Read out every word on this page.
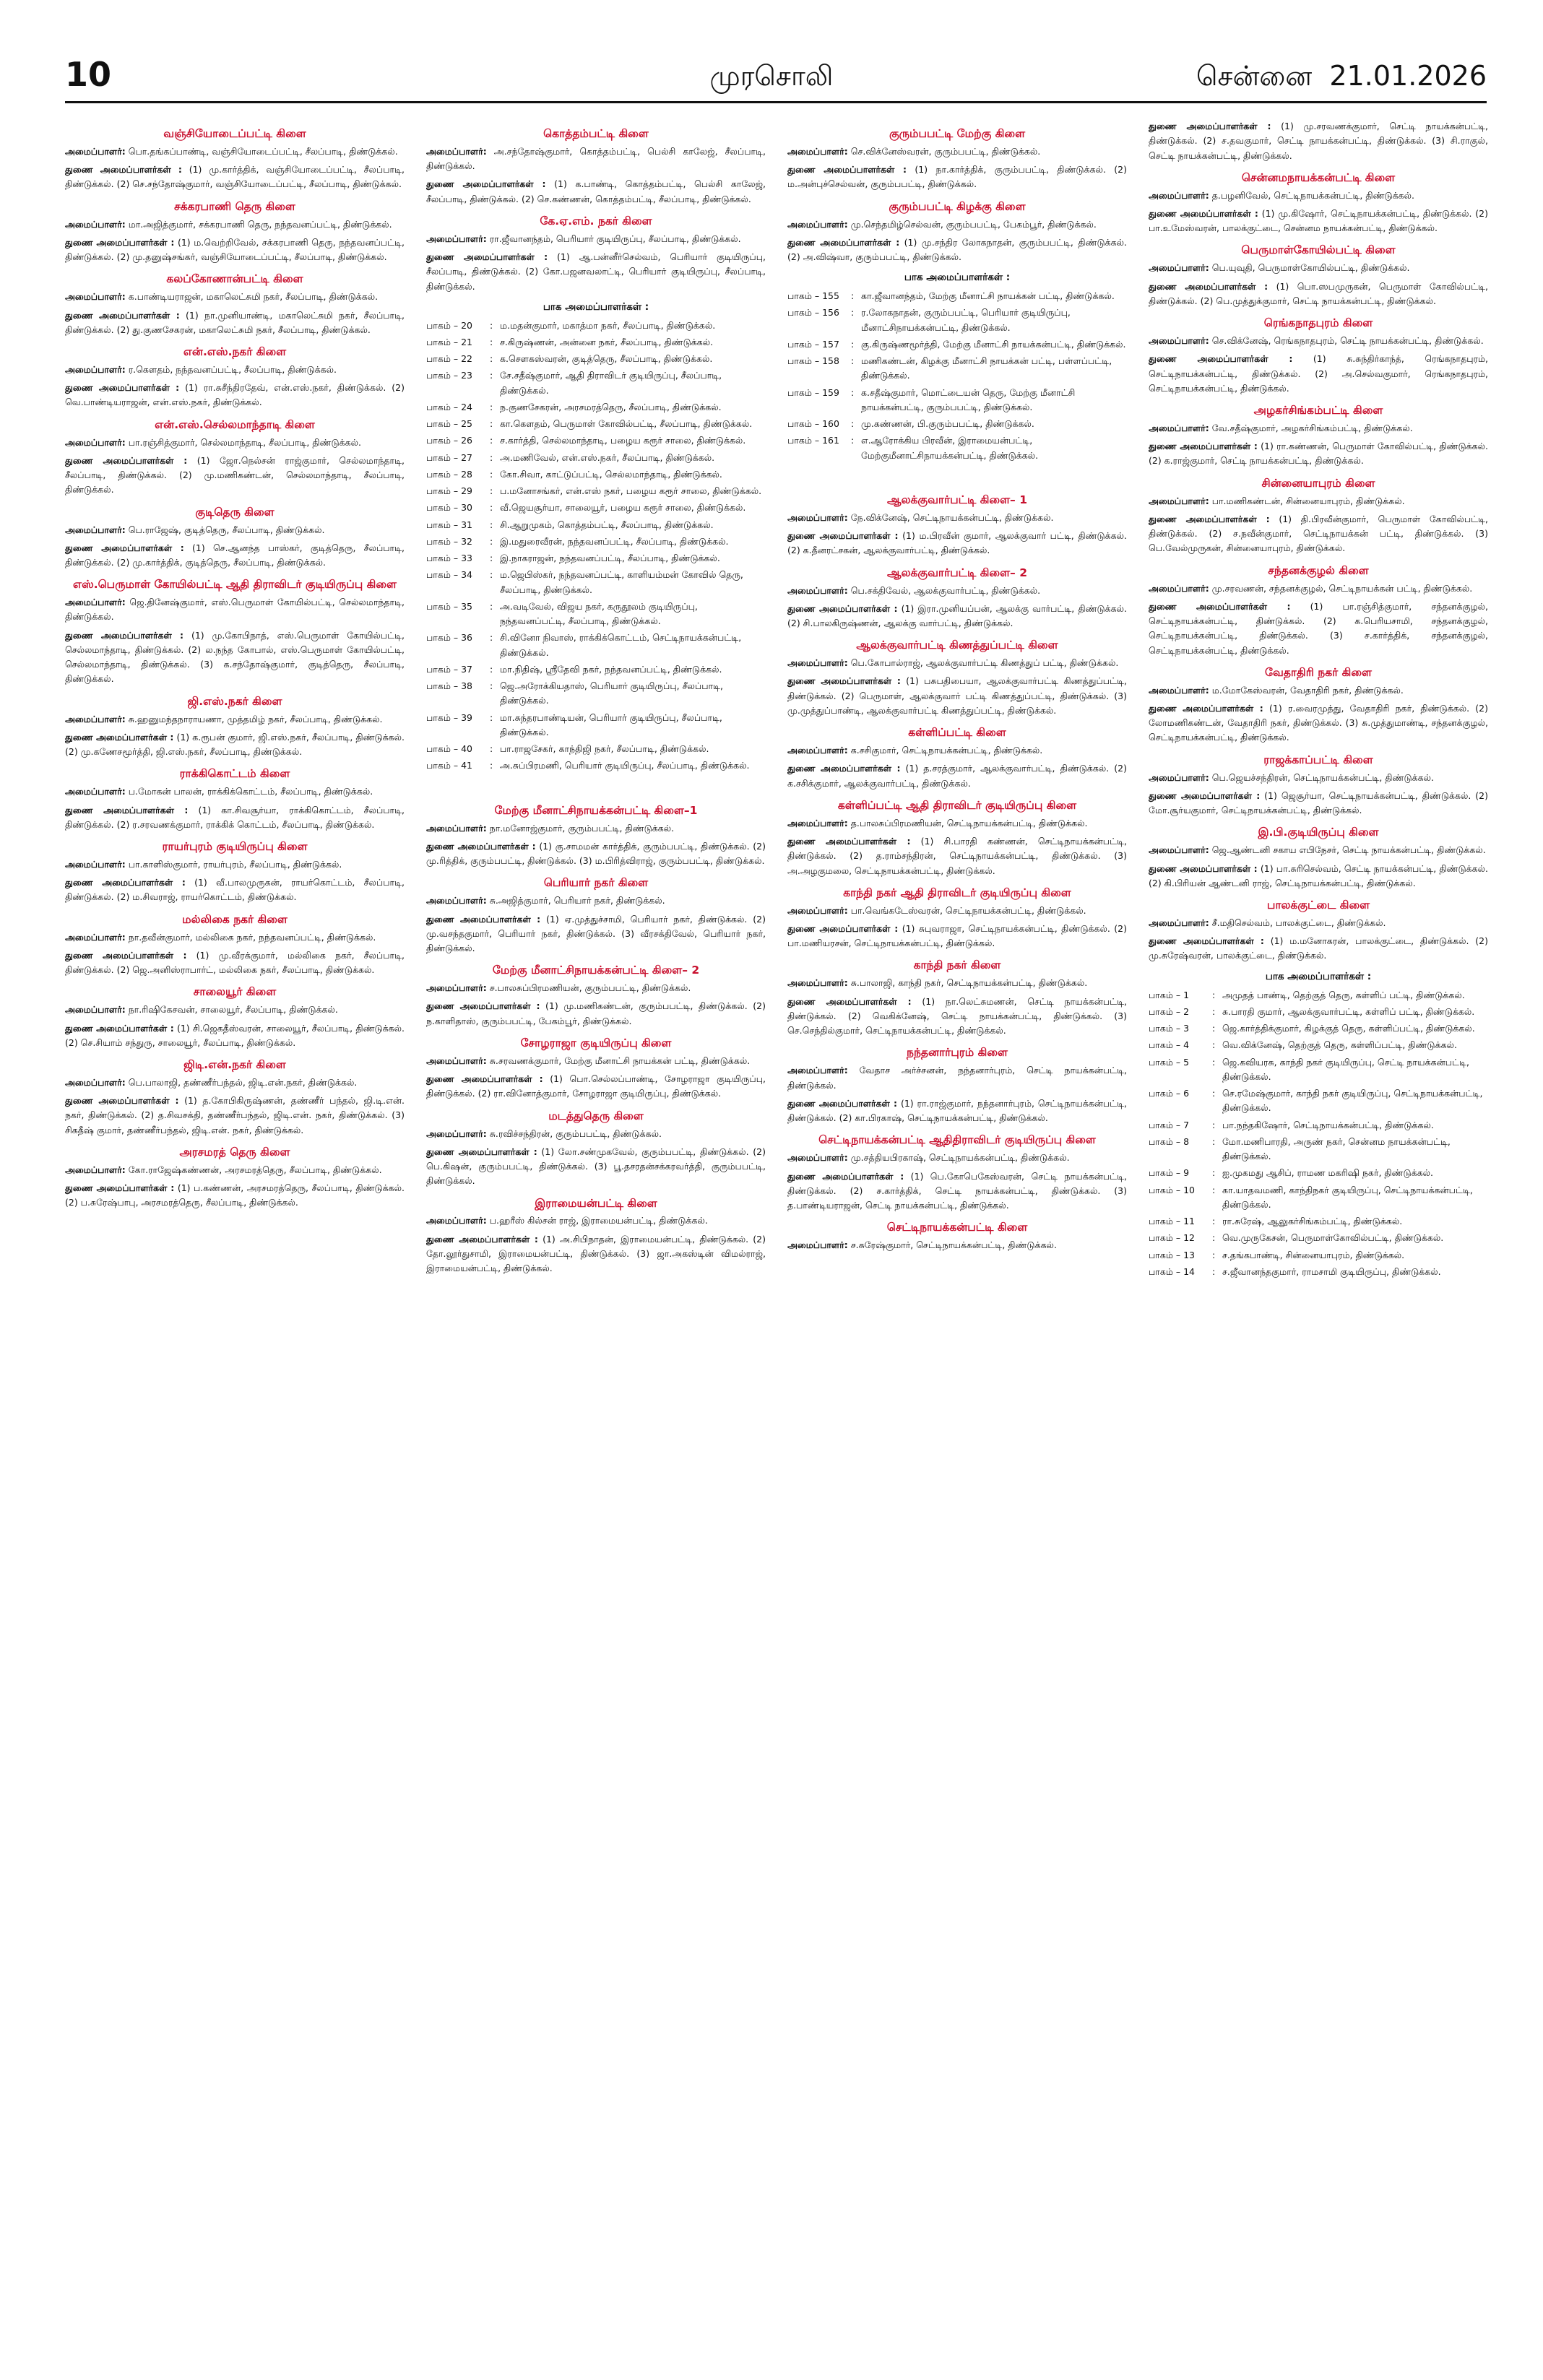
10	முரசொலி	சென்னை 21.01.2026
வஞ்சியோடைப்பட்டி கிளை

அமைப்பாளர்: பொ.தங்கப்பாண்டி, வஞ்சியோடைப்பட்டி, சீலப்பாடி, திண்டுக்கல்.

துணை அமைப்பாளர்கள் : (1) மு.கார்த்திக், வஞ்சியோடைப்பட்டி, சீலப்பாடி, திண்டுக்கல். (2) செ.சந்தோஷ்குமார், வஞ்சியோடைப்பட்டி, சீலப்பாடி, திண்டுக்கல்.

சக்கரபாணி தெரு கிளை

அமைப்பாளர்: மா.அஜித்குமார், சக்கரபாணி தெரு, நந்தவனப்பட்டி, திண்டுக்கல்.

துணை அமைப்பாளர்கள் : (1) ம.வெற்றிவேல், சக்கரபாணி தெரு, நந்தவனப்பட்டி, திண்டுக்கல். (2) மு.தனுஷ்சங்கர், வஞ்சியோடைப்பட்டி, சீலப்பாடி, திண்டுக்கல்.

கலப்கோணான்பட்டி கிளை

அமைப்பாளர்: க.பாண்டியராஜன், மகாலெட்சுமி நகர், சீலப்பாடி, திண்டுக்கல்.

துணை அமைப்பாளர்கள் : (1) நா.முனியாண்டி, மகாலெட்சுமி நகர், சீலப்பாடி, திண்டுக்கல். (2) து.குணசேகரன், மகாலெட்சுமி நகர், சீலப்பாடி, திண்டுக்கல்.

என்.எஸ்.நகர் கிளை

அமைப்பாளர்: ர.கௌதம், நந்தவனப்பட்டி, சீலப்பாடி, திண்டுக்கல்.

துணை அமைப்பாளர்கள் : (1) ரா.சுசீந்திரதேவ், என்.எஸ்.நகர், திண்டுக்கல். (2) வெ.பாண்டியராஜன், என்.எஸ்.நகர், திண்டுக்கல்.

என்.எஸ்.செல்லமாந்தாடி கிளை

அமைப்பாளர்: பா.ரஞ்சித்குமார், செல்லமாந்தாடி, சீலப்பாடி, திண்டுக்கல்.

துணை அமைப்பாளர்கள் : (1) ஜோ.நெல்சன் ராஜ்குமார், செல்லமாந்தாடி, சீலப்பாடி, திண்டுக்கல். (2) மு.மணிகண்டன், செல்லமாந்தாடி, சீலப்பாடி, திண்டுக்கல்.

குடிதெரு கிளை

அமைப்பாளர்: பெ.ராஜேஷ், குடித்தெரு, சீலப்பாடி, திண்டுக்கல்.

துணை அமைப்பாளர்கள் : (1) செ.ஆனந்த பாஸ்கர், குடித்தெரு, சீலப்பாடி, திண்டுக்கல். (2) மு.கார்த்திக், குடித்தெரு, சீலப்பாடி, திண்டுக்கல்.

எஸ்.பெருமாள் கோயில்பட்டி ஆதி திராவிடர் குடியிருப்பு கிளை

அமைப்பாளர்: ஜெ.தினேஷ்குமார், எஸ்.பெருமாள் கோயில்பட்டி, செல்லமாந்தாடி, திண்டுக்கல்.

துணை அமைப்பாளர்கள் : (1) மு.கோபிநாத், எஸ்.பெருமாள் கோயில்பட்டி, செல்லமாந்தாடி, திண்டுக்கல். (2) ல.நந்த கோபால், எஸ்.பெருமாள் கோயில்பட்டி, செல்லமாந்தாடி, திண்டுக்கல். (3) க.சந்தோஷ்குமார், குடித்தெரு, சீலப்பாடி, திண்டுக்கல்.

ஜி.எஸ்.நகர் கிளை

அமைப்பாளர்: சு.ஹனுமந்தநாராயணா, முத்தமிழ் நகர், சீலப்பாடி, திண்டுக்கல்.

துணை அமைப்பாளர்கள் : (1) க.ரூபன் குமார், ஜி.எஸ்.நகர், சீலப்பாடி, திண்டுக்கல். (2) மு.கணேசமூர்த்தி, ஜி.எஸ்.நகர், சீலப்பாடி, திண்டுக்கல்.

ராக்கிகொட்டம் கிளை

அமைப்பாளர்: ப.மோகன் பாலன், ராக்கிக்கொட்டம், சீலப்பாடி, திண்டுக்கல்.

துணை அமைப்பாளர்கள் : (1) கா.சிவசூர்யா, ராக்கிகொட்டம், சீலப்பாடி, திண்டுக்கல். (2) ர.சரவணக்குமார், ராக்கிக் கொட்டம், சீலப்பாடி, திண்டுக்கல்.

ராயர்புரம் குடியிருப்பு கிளை

அமைப்பாளர்: பா.காளிஸ்குமார், ராயர்புரம், சீலப்பாடி, திண்டுக்கல்.

துணை அமைப்பாளர்கள் : (1) வீ.பாலமுருகன், ராயர்கொட்டம், சீலப்பாடி, திண்டுக்கல். (2) ம.சிவராஜ், ராயர்கொட்டம், திண்டுக்கல்.

மல்லிகை நகர் கிளை

அமைப்பாளர்: நா.தவீன்குமார், மல்லிகை நகர், நந்தவனப்பட்டி, திண்டுக்கல்.

துணை அமைப்பாளர்கள் : (1) மு.வீரக்குமார், மல்லிகை நகர், சீலப்பாடி, திண்டுக்கல். (2) ஜெ.அனிஸ்ராபார்ட், மல்லிகை நகர், சீலப்பாடி, திண்டுக்கல்.

சாலையூர் கிளை

அமைப்பாளர்: நா.ரிஷிகேசவன், சாலையூர், சீலப்பாடி, திண்டுக்கல்.

துணை அமைப்பாளர்கள் : (1) சி.ஜெகதீஸ்வரன், சாலையூர், சீலப்பாடி, திண்டுக்கல். (2) செ.சியாம் சந்துரு, சாலையூர், சீலப்பாடி, திண்டுக்கல்.

ஜிடி.என்.நகர் கிளை

அமைப்பாளர்: பெ.பாலாஜி, தண்ணீர்பந்தல், ஜிடி.என்.நகர், திண்டுக்கல்.

துணை அமைப்பாளர்கள் : (1) த.கோபிகிருஷ்ணன், தண்ணீர் பந்தல், ஜி.டி.என். நகர், திண்டுக்கல். (2) த.சிவசக்தி, தண்ணீர்பந்தல், ஜிடி.என். நகர், திண்டுக்கல். (3) சிகதீஷ் குமார், தண்ணீர்பந்தல், ஜிடி.என். நகர், திண்டுக்கல்.

அரசமரத் தெரு கிளை

அமைப்பாளர்: கோ.ராஜேஷ்கண்ணன், அரசமரத்தெரு, சீலப்பாடி, திண்டுக்கல்.

துணை அமைப்பாளர்கள் : (1) ப.கண்ணன், அரசமரத்தெரு, சீலப்பாடி, திண்டுக்கல். (2) ப.சுரேஷ்பாபு, அரசமரத்தெரு, சீலப்பாடி, திண்டுக்கல்.

கொத்தம்பட்டி கிளை

அமைப்பாளர்: அ.சந்தோஷ்குமார், கொத்தம்பட்டி, பெல்சி காலேஜ், சீலப்பாடி, திண்டுக்கல்.

துணை அமைப்பாளர்கள் : (1) க.பாண்டி, கொத்தம்பட்டி, பெல்சி காலேஜ், சீலப்பாடி, திண்டுக்கல். (2) செ.கண்ணன், கொத்தம்பட்டி, சீலப்பாடி, திண்டுக்கல்.

கே.ஏ.எம். நகர் கிளை

அமைப்பாளர்: ரா.ஜீவானந்தம், பெரியார் குடியிருப்பு, சீலப்பாடி, திண்டுக்கல்.

துணை அமைப்பாளர்கள் : (1) ஆ.பன்னீர்செல்வம், பெரியார் குடியிருப்பு, சீலப்பாடி, திண்டுக்கல். (2) கோ.பஜனவலாட்டி, பெரியார் குடியிருப்பு, சீலப்பாடி, திண்டுக்கல்.

பாக அமைப்பாளர்கள் :
பாகம் – 20	: ம.மதன்குமார், மகாத்மா நகர், சீலப்பாடி, திண்டுக்கல்.
பாகம் – 21	: ச.கிருஷ்ணன், அன்னை நகர், சீலப்பாடி, திண்டுக்கல்.
பாகம் – 22	: க.செளகஸ்வரன், குடித்தெரு, சீலப்பாடி, திண்டுக்கல்.
பாகம் – 23	: சே.சதீஷ்குமார், ஆதி திராவிடர் குடியிருப்பு, சீலப்பாடி, திண்டுக்கல்.
பாகம் – 24	: ந.குணசேகரன், அரசமரத்தெரு, சீலப்பாடி, திண்டுக்கல்.
பாகம் – 25	: கா.கௌதம், பெருமாள் கோவில்பட்டி, சீலப்பாடி, திண்டுக்கல்.
பாகம் – 26	: ச.கார்த்தி, செல்லமாந்தாடி, பழைய கரூர் சாலை, திண்டுக்கல்.
பாகம் – 27	: அ.மணிவேல், என்.எஸ்.நகர், சீலப்பாடி, திண்டுக்கல்.
பாகம் – 28	: கோ.சிவா, காட்டுப்பட்டி, செல்லமாந்தாடி, திண்டுக்கல்.
பாகம் – 29	: ப.மனோசங்கர், என்.எஸ் நகர், பழைய கரூர் சாலை, திண்டுக்கல்.
பாகம் – 30	: வீ.ஜெயசூர்யா, சாலையூர், பழைய கரூர் சாலை, திண்டுக்கல்.
பாகம் – 31	: சி.ஆறுமுகம், கொத்தம்பட்டி, சீலப்பாடி, திண்டுக்கல்.
பாகம் – 32	: இ.மதுரைவீரன், நந்தவனப்பட்டி, சீலப்பாடி, திண்டுக்கல்.
பாகம் – 33	: இ.நாகராஜன், நந்தவனப்பட்டி, சீலப்பாடி, திண்டுக்கல்.
பாகம் – 34	: ம.ஜெபிஸ்கர், நந்தவனப்பட்டி, காளியம்மன் கோவில் தெரு, சீலப்பாடி, திண்டுக்கல்.
பாகம் – 35	: அ.வடிவேல், விஜய நகர், கருதூலம் குடியிருப்பு, நந்தவனப்பட்டி, சீலப்பாடி, திண்டுக்கல்.
பாகம் – 36	: சி.வினோ நிவாஸ், ராக்கிக்கொட்டம், செட்டிநாயக்கன்பட்டி, திண்டுக்கல்.
பாகம் – 37	: மா.நிதிஷ், ஸ்ரீதேவி நகர், நந்தவனப்பட்டி, திண்டுக்கல்.
பாகம் – 38	: ஜெ.அரோக்கியதாஸ், பெரியார் குடியிருப்பு, சீலப்பாடி, திண்டுக்கல்.
பாகம் – 39	: மா.சுந்தரபாண்டியன், பெரியார் குடியிருப்பு, சீலப்பாடி, திண்டுக்கல்.
பாகம் – 40	: பா.ராஜசேகர், காந்திஜி நகர், சீலப்பாடி, திண்டுக்கல்.
பாகம் – 41	: அ.சுப்பிரமணி, பெரியார் குடியிருப்பு, சீலப்பாடி, திண்டுக்கல்.
மேற்கு மீனாட்சிநாயக்கன்பட்டி கிளை–1

அமைப்பாளர்: நா.மனோஜ்குமார், குரும்பபட்டி, திண்டுக்கல்.

துணை அமைப்பாளர்கள் : (1) கு.சாமமன் கார்த்திக், குரும்பபட்டி, திண்டுக்கல். (2) மு.ரித்திக், குரும்பபட்டி, திண்டுக்கல். (3) ம.பிரித்விராஜ், குரும்பபட்டி, திண்டுக்கல்.

பெரியார் நகர் கிளை

அமைப்பாளர்: சு.அஜித்குமார், பெரியார் நகர், திண்டுக்கல்.

துணை அமைப்பாளர்கள் : (1) ஏ.முத்துச்சாமி, பெரியார் நகர், திண்டுக்கல். (2) மு.வசந்தகுமார், பெரியார் நகர், திண்டுக்கல். (3) வீரசக்திவேல், பெரியார் நகர், திண்டுக்கல்.

மேற்கு மீனாட்சிநாயக்கன்பட்டி கிளை– 2

அமைப்பாளர்: ச.பாலசுப்பிரமணியன், குரும்பபட்டி, திண்டுக்கல்.

துணை அமைப்பாளர்கள் : (1) மு.மணிகண்டன், குரும்பபட்டி, திண்டுக்கல். (2) ந.காளிதாஸ், குரும்பபட்டி, பேகம்பூர், திண்டுக்கல்.

சோழராஜா குடியிருப்பு கிளை

அமைப்பாளர்: சு.சரவணக்குமார், மேற்கு மீனாட்சி நாயக்கன் பட்டி, திண்டுக்கல்.

துணை அமைப்பாளர்கள் : (1) பொ.செல்லப்பாண்டி, சோழராஜா குடியிருப்பு, திண்டுக்கல். (2) ரா.வினோத்குமார், சோழராஜா குடியிருப்பு, திண்டுக்கல்.

மடத்துதெரு கிளை

அமைப்பாளர்: சு.ரவிச்சந்திரன், குரும்பபட்டி, திண்டுக்கல்.

துணை அமைப்பாளர்கள் : (1) லோ.சண்முகவேல், குரும்பபட்டி, திண்டுக்கல். (2) பெ.கிஷன், குரும்பபட்டி, திண்டுக்கல். (3) பூ.தசரதன்சக்கரவர்த்தி, குரும்பபட்டி, திண்டுக்கல்.

இராமையன்பட்டி கிளை

அமைப்பாளர்: ப.ஹரீஸ் கில்சன் ராஜ், இராமையன்பட்டி, திண்டுக்கல்.

துணை அமைப்பாளர்கள் : (1) அ.சிபிநாதன், இராமையன்பட்டி, திண்டுக்கல். (2) தோ.லூர்துசாமி, இராமையன்பட்டி, திண்டுக்கல். (3) ஜா.அகஸ்டின் விமல்ராஜ், இராமையன்பட்டி, திண்டுக்கல்.

குரும்பபட்டி மேற்கு கிளை

அமைப்பாளர்: செ.விக்னேஸ்வரன், குரும்பபட்டி, திண்டுக்கல்.

துணை அமைப்பாளர்கள் : (1) நா.கார்த்திக், குரும்பபட்டி, திண்டுக்கல். (2) ம.அன்புச்செல்வன், குரும்பபட்டி, திண்டுக்கல்.

குரும்பபட்டி கிழக்கு கிளை

அமைப்பாளர்: மு.செந்தமிழ்செல்வன், குரும்பபட்டி, பேகம்பூர், திண்டுக்கல்.

துணை அமைப்பாளர்கள் : (1) மு.சந்திர லோகநாதன், குரும்பபட்டி, திண்டுக்கல். (2) அ.விஷ்வா, குரும்பபட்டி, திண்டுக்கல்.

பாக அமைப்பாளர்கள் :
பாகம் – 155	: கா.ஜீவானந்தம், மேற்கு மீனாட்சி நாயக்கன் பட்டி, திண்டுக்கல்.
பாகம் – 156	: ர.லோகநாதன், குரும்பபட்டி, பெரியார் குடியிருப்பு, மீனாட்சிநாயக்கன்பட்டி, திண்டுக்கல்.
பாகம் – 157	: கு.கிருஷ்ணமூர்த்தி, மேற்கு மீனாட்சி நாயக்கன்பட்டி, திண்டுக்கல்.
பாகம் – 158	: மணிகண்டன், கிழக்கு மீனாட்சி நாயக்கன் பட்டி, பள்ளப்பட்டி, திண்டுக்கல்.
பாகம் – 159	: க.சதீஷ்குமார், மொட்டையன் தெரு, மேற்கு மீனாட்சி நாயக்கன்பட்டி, குரும்பபட்டி, திண்டுக்கல்.
பாகம் – 160	: மு.கண்ணன், பி.குரும்பபட்டி, திண்டுக்கல்.
பாகம் – 161	: எ.ஆரோக்கிய பிரவீன், இராமையன்பட்டி, மேற்குமீனாட்சிநாயக்கன்பட்டி, திண்டுக்கல்.
ஆலக்குவார்பட்டி கிளை– 1

அமைப்பாளர்: நே.விக்னேஷ், செட்டிநாயக்கன்பட்டி, திண்டுக்கல்.

துணை அமைப்பாளர்கள் : (1) ம.பிரவீன் குமார், ஆலக்குவார் பட்டி, திண்டுக்கல். (2) க.தீனரட்சகன், ஆலக்குவார்பட்டி, திண்டுக்கல்.

ஆலக்குவார்பட்டி கிளை– 2

அமைப்பாளர்: பெ.சக்திவேல், ஆலக்குவார்பட்டி, திண்டுக்கல்.

துணை அமைப்பாளர்கள் : (1) இரா.முனியப்பன், ஆலக்கு வார்பட்டி, திண்டுக்கல். (2) சி.பாலகிருஷ்ணன், ஆலக்கு வார்பட்டி, திண்டுக்கல்.

ஆலக்குவார்பட்டி கிணத்துப்பட்டி கிளை

அமைப்பாளர்: பெ.கோபால்ராஜ், ஆலக்குவார்பட்டி கிணத்துப் பட்டி, திண்டுக்கல்.

துணை அமைப்பாளர்கள் : (1) பசுபதிபையா, ஆலக்குவார்பட்டி கிணத்துப்பட்டி, திண்டுக்கல். (2) பெருமாள், ஆலக்குவார் பட்டி கிணத்துப்பட்டி, திண்டுக்கல். (3) மு.முத்துப்பாண்டி, ஆலக்குவார்பட்டி கிணத்துப்பட்டி, திண்டுக்கல்.

கள்ளிப்பட்டி கிளை

அமைப்பாளர்: க.சசிகுமார், செட்டிநாயக்கன்பட்டி, திண்டுக்கல்.

துணை அமைப்பாளர்கள் : (1) த.சரத்குமார், ஆலக்குவார்பட்டி, திண்டுக்கல். (2) க.சசிக்குமார், ஆலக்குவார்பட்டி, திண்டுக்கல்.

கள்ளிப்பட்டி ஆதி திராவிடர் குடியிருப்பு கிளை

அமைப்பாளர்: த.பாலசுப்பிரமணியன், செட்டிநாயக்கன்பட்டி, திண்டுக்கல்.

துணை அமைப்பாளர்கள் : (1) சி.பாரதி கண்ணன், செட்டிநாயக்கன்பட்டி, திண்டுக்கல். (2) த.ராம்சந்திரன், செட்டிநாயக்கன்பட்டி, திண்டுக்கல். (3) அ.அழகுமலை, செட்டிநாயக்கன்பட்டி, திண்டுக்கல்.

காந்தி நகர் ஆதி திராவிடர் குடியிருப்பு கிளை

அமைப்பாளர்: பா.வெங்கடேஸ்வரன், செட்டிநாயக்கன்பட்டி, திண்டுக்கல்.

துணை அமைப்பாளர்கள் : (1) சுபுவராஜா, செட்டிநாயக்கன்பட்டி, திண்டுக்கல். (2) பா.மணியரசன், செட்டிநாயக்கன்பட்டி, திண்டுக்கல்.

காந்தி நகர் கிளை

அமைப்பாளர்: சு.பாலாஜி, காந்தி நகர், செட்டிநாயக்கன்பட்டி, திண்டுக்கல்.

துணை அமைப்பாளர்கள் : (1) நா.லெட்சுமணன், செட்டி நாயக்கன்பட்டி, திண்டுக்கல். (2) வெகிக்னேஷ், செட்டி நாயக்கன்பட்டி, திண்டுக்கல். (3) செ.செந்தில்குமார், செட்டிநாயக்கன்பட்டி, திண்டுக்கல்.

நந்தனார்புரம் கிளை

அமைப்பாளர்: வேதாச அர்ச்சனன், நந்தனார்புரம், செட்டி நாயக்கன்பட்டி, திண்டுக்கல்.

துணை அமைப்பாளர்கள் : (1) ரா.ராஜ்குமார், நந்தனார்புரம், செட்டிநாயக்கன்பட்டி, திண்டுக்கல். (2) கா.பிரகாஷ், செட்டிநாயக்கன்பட்டி, திண்டுக்கல்.

செட்டிநாயக்கன்பட்டி ஆதிதிராவிடர் குடியிருப்பு கிளை

அமைப்பாளர்: மு.சத்தியபிரகாஷ், செட்டிநாயக்கன்பட்டி, திண்டுக்கல்.

துணை அமைப்பாளர்கள் : (1) பெ.கோபெகேஸ்வரன், செட்டி நாயக்கன்பட்டி, திண்டுக்கல். (2) ச.கார்த்திக், செட்டி நாயக்கன்பட்டி, திண்டுக்கல். (3) த.பாண்டியராஜன், செட்டி நாயக்கன்பட்டி, திண்டுக்கல்.

செட்டிநாயக்கன்பட்டி கிளை

அமைப்பாளர்: ச.சுரேஷ்குமார், செட்டிநாயக்கன்பட்டி, திண்டுக்கல்.

துணை அமைப்பாளர்கள் : (1) மு.சரவணக்குமார், செட்டி நாயக்கன்பட்டி, திண்டுக்கல். (2) ச.தவகுமார், செட்டி நாயக்கன்பட்டி, திண்டுக்கல். (3) சி.ராகுல், செட்டி நாயக்கன்பட்டி, திண்டுக்கல்.

சென்னமநாயக்கன்பட்டி கிளை

அமைப்பாளர்: த.பழனிவேல், செட்டிநாயக்கன்பட்டி, திண்டுக்கல்.

துணை அமைப்பாளர்கள் : (1) மு.கிஷோர், செட்டிநாயக்கன்பட்டி, திண்டுக்கல். (2) பா.உமேஸ்வரன், பாலக்குட்டை, சென்னம நாயக்கன்பட்டி, திண்டுக்கல்.

பெருமாள்கோயில்பட்டி கிளை

அமைப்பாளர்: பெ.யுவுதி, பெருமாள்கோயில்பட்டி, திண்டுக்கல்.

துணை அமைப்பாளர்கள் : (1) பொ.ஸபமுருகன், பெருமாள் கோவில்பட்டி, திண்டுக்கல். (2) பெ.முத்துக்குமார், செட்டி நாயக்கன்பட்டி, திண்டுக்கல்.

ரெங்கநாதபுரம் கிளை

அமைப்பாளர்: செ.விக்னேஷ், ரெங்கநாதபுரம், செட்டி நாயக்கன்பட்டி, திண்டுக்கல்.

துணை அமைப்பாளர்கள் : (1) சு.சுந்திர்காந்த், ரெங்கநாதபுரம், செட்டிநாயக்கன்பட்டி, திண்டுக்கல். (2) அ.செல்வகுமார், ரெங்கநாதபுரம், செட்டிநாயக்கன்பட்டி, திண்டுக்கல்.

அழகர்சிங்கம்பட்டி கிளை

அமைப்பாளர்: வே.சதீஷ்குமார், அழகர்சிங்கம்பட்டி, திண்டுக்கல்.

துணை அமைப்பாளர்கள் : (1) ரா.கண்ணன், பெருமாள் கோவில்பட்டி, திண்டுக்கல். (2) க.ராஜ்குமார், செட்டி நாயக்கன்பட்டி, திண்டுக்கல்.

சின்னையாபுரம் கிளை

அமைப்பாளர்: பா.மணிகண்டன், சின்னையாபுரம், திண்டுக்கல்.

துணை அமைப்பாளர்கள் : (1) தி.பிரவீன்குமார், பெருமாள் கோவில்பட்டி, திண்டுக்கல். (2) ச.நவீன்குமார், செட்டிநாயக்கன் பட்டி, திண்டுக்கல். (3) பெ.வேல்முருகன், சின்னையாபுரம், திண்டுக்கல்.

சந்தனக்குழல் கிளை

அமைப்பாளர்: மு.சரவணன், சந்தனக்குழல், செட்டிநாயக்கன் பட்டி, திண்டுக்கல்.

துணை அமைப்பாளர்கள் : (1) பா.ரஞ்சித்குமார், சந்தனக்குழல், செட்டிநாயக்கன்பட்டி, திண்டுக்கல். (2) க.பெரியசாமி, சந்தனக்குழல், செட்டிநாயக்கன்பட்டி, திண்டுக்கல். (3) ச.கார்த்திக், சந்தனக்குழல், செட்டிநாயக்கன்பட்டி, திண்டுக்கல்.

வேதாதிரி நகர் கிளை

அமைப்பாளர்: ம.மோகேஸ்வரன், வேதாதிரி நகர், திண்டுக்கல்.

துணை அமைப்பாளர்கள் : (1) ர.வைரமுத்து, வேதாதிரி நகர், திண்டுக்கல். (2) லோமணிகண்டன், வேதாதிரி நகர், திண்டுக்கல். (3) சு.முத்துமாண்டி, சந்தனக்குழல், செட்டிநாயக்கன்பட்டி, திண்டுக்கல்.

ராஜக்காப்பட்டி கிளை

அமைப்பாளர்: பெ.ஜெயச்சந்திரன், செட்டிநாயக்கன்பட்டி, திண்டுக்கல்.

துணை அமைப்பாளர்கள் : (1) ஜெசூர்யா, செட்டிநாயக்கன்பட்டி, திண்டுக்கல். (2) மோ.சூர்யகுமார், செட்டிநாயக்கன்பட்டி, திண்டுக்கல்.

இ.பி.குடியிருப்பு கிளை

அமைப்பாளர்: ஜெ.ஆண்டனி சகாய எபிநேசர், செட்டி நாயக்கன்பட்டி, திண்டுக்கல்.

துணை அமைப்பாளர்கள் : (1) பா.சுரிசெல்வம், செட்டி நாயக்கன்பட்டி, திண்டுக்கல். (2) கி.பிரியன் ஆண்டனி ராஜ், செட்டிநாயக்கன்பட்டி, திண்டுக்கல்.

பாலக்குட்டை கிளை

அமைப்பாளர்: சீ.மதிசெல்வம், பாலக்குட்டை, திண்டுக்கல்.

துணை அமைப்பாளர்கள் : (1) ம.மனோகரன், பாலக்குட்டை, திண்டுக்கல். (2) மு.சுரேஷ்வரன், பாலக்குட்டை, திண்டுக்கல்.

பாக அமைப்பாளர்கள் :
பாகம் – 1	: அமுதத் பாண்டி, தெற்குத் தெரு, கள்ளிப் பட்டி, திண்டுக்கல்.
பாகம் – 2	: சு.பாரதி குமார், ஆலக்குவார்பட்டி, கள்ளிப் பட்டி, திண்டுக்கல்.
பாகம் – 3	: ஜெ.கார்த்திக்குமார், கிழக்குத் தெரு, கள்ளிப்பட்டி, திண்டுக்கல்.
பாகம் – 4	: வெ.விக்னேஷ், தெற்குத் தெரு, கள்ளிப்பட்டி, திண்டுக்கல்.
பாகம் – 5	: ஜெ.கவியரசு, காந்தி நகர் குடியிருப்பு, செட்டி நாயக்கன்பட்டி, திண்டுக்கல்.
பாகம் – 6	: செ.ரமேஷ்குமார், காந்தி நகர் குடியிருப்பு, செட்டிநாயக்கன்பட்டி, திண்டுக்கல்.
பாகம் – 7	: பா.நந்தகிஷோர், செட்டிநாயக்கன்பட்டி, திண்டுக்கல்.
பாகம் – 8	: மோ.மணிபாரதி, அருண் நகர், சென்னம நாயக்கன்பட்டி, திண்டுக்கல்.
பாகம் – 9	: ஐ.முகமது ஆசிப், ராமண மகரிஷி நகர், திண்டுக்கல்.
பாகம் – 10	: கா.யாதவமணி, காந்திநகர் குடியிருப்பு, செட்டிநாயக்கன்பட்டி, திண்டுக்கல்.
பாகம் – 11	: ரா.சுரேஷ், ஆலுகர்சிங்கம்பட்டி, திண்டுக்கல்.
பாகம் – 12	: வெ.முருகேசன், பெருமாள்கோவில்பட்டி, திண்டுக்கல்.
பாகம் – 13	: ச.தங்கபாண்டி, சின்னையாபுரம், திண்டுக்கல்.
பாகம் – 14	: ச.ஜீவானந்தகுமார், ராமசாமி குடியிருப்பு, திண்டுக்கல்.
